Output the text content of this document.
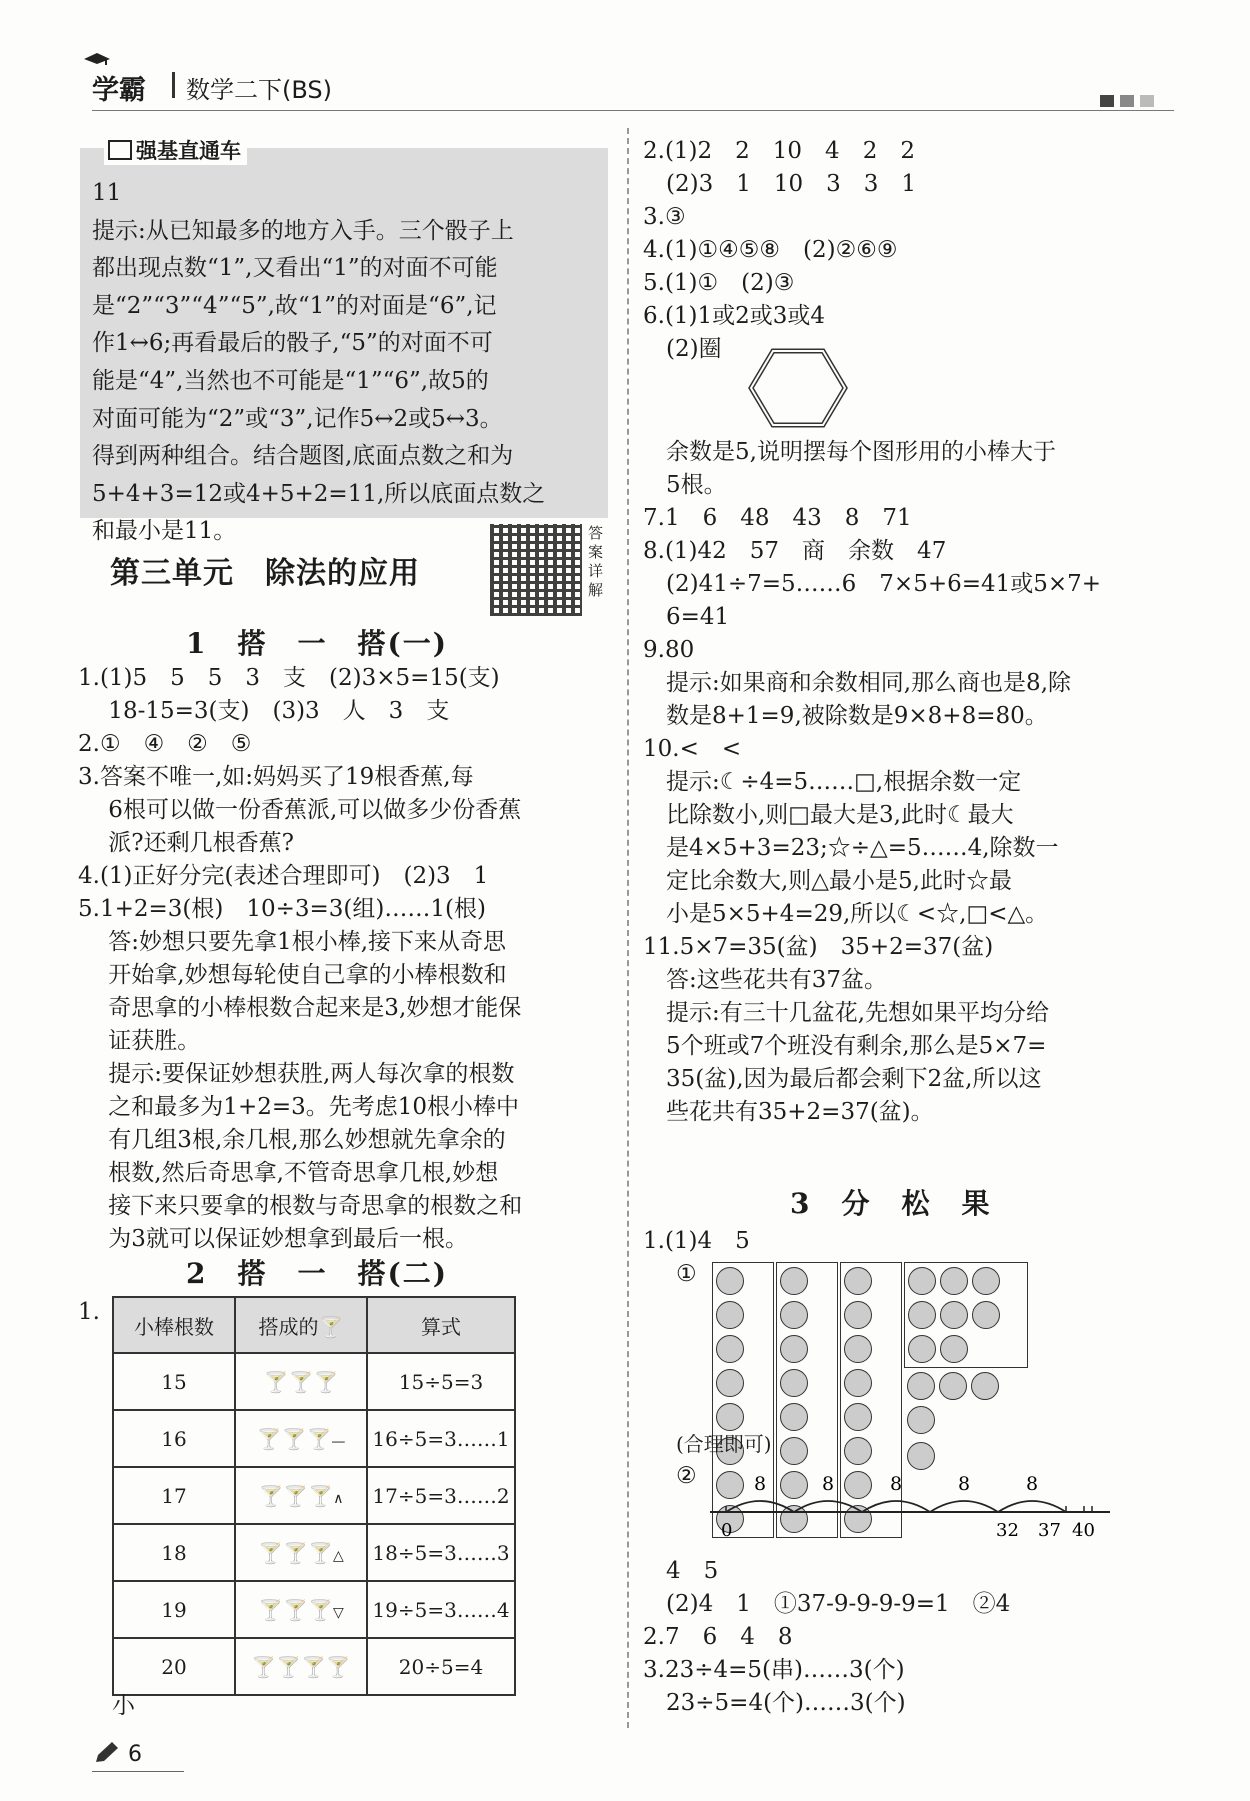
学霸 数学二下(BS)
强基直通车
11
提示:从已知最多的地方入手。三个骰子上
都出现点数“1”,又看出“1”的对面不可能
是“2”“3”“4”“5”,故“1”的对面是“6”,记
作1↔6;再看最后的骰子,“5”的对面不可
能是“4”,当然也不可能是“1”“6”,故5的
对面可能为“2”或“3”,记作5↔2或5↔3。
得到两种组合。结合题图,底面点数之和为
5+4+3=12或4+5+2=11,所以底面点数之
和最小是11。
第三单元　除法的应用
答案详解
1　搭　一　搭(一)
1.(1)5　5　5　3　支　(2)3×5=15(支)
　 18-15=3(支)　(3)3　人　3　支
2.①　④　②　⑤
3.答案不唯一,如:妈妈买了19根香蕉,每
　 6根可以做一份香蕉派,可以做多少份香蕉
　 派?还剩几根香蕉?
4.(1)正好分完(表述合理即可)　(2)3　1
5.1+2=3(根)　10÷3=3(组)……1(根)
　 答:妙想只要先拿1根小棒,接下来从奇思
　 开始拿,妙想每轮使自己拿的小棒根数和
　 奇思拿的小棒根数合起来是3,妙想才能保
　 证获胜。
　 提示:要保证妙想获胜,两人每次拿的根数
　 之和最多为1+2=3。先考虑10根小棒中
　 有几组3根,余几根,那么妙想就先拿余的
　 根数,然后奇思拿,不管奇思拿几根,妙想
　 接下来只要拿的根数与奇思拿的根数之和
　 为3就可以保证妙想拿到最后一根。
2　搭　一　搭(二)
1.
小棒根数	搭成的🍸	算式
15	🍸🍸🍸	15÷5=3
16	🍸🍸🍸—	16÷5=3……1
17	🍸🍸🍸∧	17÷5=3……2
18	🍸🍸🍸△	18÷5=3……3
19	🍸🍸🍸▽	19÷5=3……4
20	🍸🍸🍸🍸	20÷5=4
小
2.(1)2　2　10　4　2　2
　(2)3　1　10　3　3　1
3.③
4.(1)①④⑤⑧　(2)②⑥⑨
5.(1)①　(2)③
6.(1)1或2或3或4
　(2)圈
　余数是5,说明摆每个图形用的小棒大于
　5根。
7.1　6　48　43　8　71
8.(1)42　57　商　余数　47
　(2)41÷7=5……6　7×5+6=41或5×7+
　6=41
9.80
　提示:如果商和余数相同,那么商也是8,除
　数是8+1=9,被除数是9×8+8=80。
10.<　<
　提示:☾÷4=5……□,根据余数一定
　比除数小,则□最大是3,此时☾最大
　是4×5+3=23;☆÷△=5……4,除数一
　定比余数大,则△最小是5,此时☆最
　小是5×5+4=29,所以☾<☆,□<△。
11.5×7=35(盆)　35+2=37(盆)
　答:这些花共有37盆。
　提示:有三十几盆花,先想如果平均分给
　5个班或7个班没有剩余,那么是5×7=
　35(盆),因为最后都会剩下2盆,所以这
　些花共有35+2=37(盆)。
3　分　松　果
1.(1)4　5
①
(合理即可)
②	8	8	8	8	8
0	32 37 40
　4　5
　(2)4　1　①37-9-9-9-9=1　②4
2.7　6　4　8
3.23÷4=5(串)……3(个)
　23÷5=4(个)……3(个)
6
